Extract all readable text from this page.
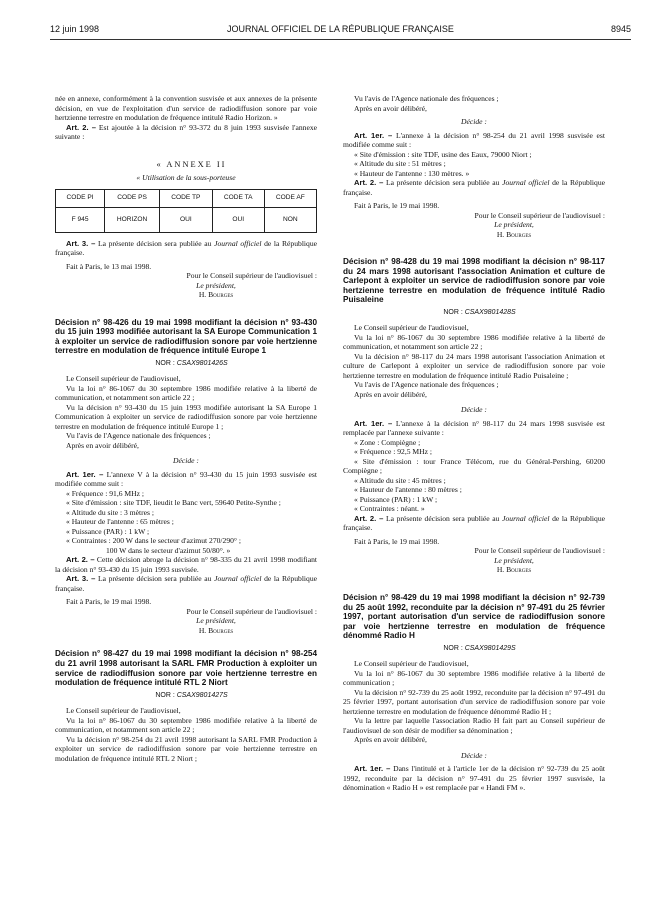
12 juin 1998	JOURNAL OFFICIEL DE LA RÉPUBLIQUE FRANÇAISE	8945

née en annexe, conformément à la convention susvisée et aux annexes de la présente décision, en vue de l'exploitation d'un service de radiodiffusion sonore par voie hertzienne terrestre en modulation de fréquence intitulé Radio Horizon. »

Art. 2. – Est ajoutée à la décision n° 93-372 du 8 juin 1993 susvisée l'annexe suivante :

« ANNEXE II

« Utilisation de la sous-porteuse

CODE PI	CODE PS	CODE TP	CODE TA	CODE AF
F 945	HORIZON	OUI	OUI	NON

Art. 3. – La présente décision sera publiée au Journal officiel de la République française.

Fait à Paris, le 13 mai 1998.

Pour le Conseil supérieur de l'audiovisuel :

Le président,

H. Bourges

Décision n° 98-426 du 19 mai 1998 modifiant la décision n° 93-430 du 15 juin 1993 modifiée autorisant la SA Europe Communication 1 à exploiter un service de radiodiffusion sonore par voie hertzienne terrestre en modulation de fréquence intitulé Europe 1

NOR : CSAX9801426S

Le Conseil supérieur de l'audiovisuel,

Vu la loi n° 86-1067 du 30 septembre 1986 modifiée relative à la liberté de communication, et notamment son article 22 ;

Vu la décision n° 93-430 du 15 juin 1993 modifiée autorisant la SA Europe 1 Communication à exploiter un service de radiodiffusion sonore par voie hertzienne terrestre en modulation de fréquence intitulé Europe 1 ;

Vu l'avis de l'Agence nationale des fréquences ;

Après en avoir délibéré,

Décide :

Art. 1er. – L'annexe V à la décision n° 93-430 du 15 juin 1993 susvisée est modifiée comme suit :

« Fréquence : 91,6 MHz ;

« Site d'émission : site TDF, lieudit le Banc vert, 59640 Petite-Synthe ;

« Altitude du site : 3 mètres ;

« Hauteur de l'antenne : 65 mètres ;

« Puissance (PAR) : 1 kW ;

« Contraintes : 200 W dans le secteur d'azimut 270/290° ;

100 W dans le secteur d'azimut 50/80°. »

Art. 2. – Cette décision abroge la décision n° 98-335 du 21 avril 1998 modifiant la décision n° 93-430 du 15 juin 1993 susvisée.

Art. 3. – La présente décision sera publiée au Journal officiel de la République française.

Fait à Paris, le 19 mai 1998.

Pour le Conseil supérieur de l'audiovisuel :

Le président,

H. Bourges

Décision n° 98-427 du 19 mai 1998 modifiant la décision n° 98-254 du 21 avril 1998 autorisant la SARL FMR Production à exploiter un service de radiodiffusion sonore par voie hertzienne terrestre en modulation de fréquence intitulé RTL 2 Niort

NOR : CSAX9801427S

Le Conseil supérieur de l'audiovisuel,

Vu la loi n° 86-1067 du 30 septembre 1986 modifiée relative à la liberté de communication, et notamment son article 22 ;

Vu la décision n° 98-254 du 21 avril 1998 autorisant la SARL FMR Production à exploiter un service de radiodiffusion sonore par voie hertzienne terrestre en modulation de fréquence intitulé RTL 2 Niort ;

Vu l'avis de l'Agence nationale des fréquences ;

Après en avoir délibéré,

Décide :

Art. 1er. – L'annexe à la décision n° 98-254 du 21 avril 1998 susvisée est modifiée comme suit :

« Site d'émission : site TDF, usine des Eaux, 79000 Niort ;

« Altitude du site : 51 mètres ;

« Hauteur de l'antenne : 130 mètres. »

Art. 2. – La présente décision sera publiée au Journal officiel de la République française.

Fait à Paris, le 19 mai 1998.

Pour le Conseil supérieur de l'audiovisuel :

Le président,

H. Bourges

Décision n° 98-428 du 19 mai 1998 modifiant la décision n° 98-117 du 24 mars 1998 autorisant l'association Animation et culture de Carlepont à exploiter un service de radiodiffusion sonore par voie hertzienne terrestre en modulation de fréquence intitulé Radio Puisaleine

NOR : CSAX9801428S

Le Conseil supérieur de l'audiovisuel,

Vu la loi n° 86-1067 du 30 septembre 1986 modifiée relative à la liberté de communication, et notamment son article 22 ;

Vu la décision n° 98-117 du 24 mars 1998 autorisant l'association Animation et culture de Carlepont à exploiter un service de radiodiffusion sonore par voie hertzienne terrestre en modulation de fréquence intitulé Radio Puisaleine ;

Vu l'avis de l'Agence nationale des fréquences ;

Après en avoir délibéré,

Décide :

Art. 1er. – L'annexe à la décision n° 98-117 du 24 mars 1998 susvisée est remplacée par l'annexe suivante :

« Zone : Compiègne ;

« Fréquence : 92,5 MHz ;

« Site d'émission : tour France Télécom, rue du Général-Pershing, 60200 Compiègne ;

« Altitude du site : 45 mètres ;

« Hauteur de l'antenne : 80 mètres ;

« Puissance (PAR) : 1 kW ;

« Contraintes : néant. »

Art. 2. – La présente décision sera publiée au Journal officiel de la République française.

Fait à Paris, le 19 mai 1998.

Pour le Conseil supérieur de l'audiovisuel :

Le président,

H. Bourges

Décision n° 98-429 du 19 mai 1998 modifiant la décision n° 92-739 du 25 août 1992, reconduite par la décision n° 97-491 du 25 février 1997, portant autorisation d'un service de radiodiffusion sonore par voie hertzienne terrestre en modulation de fréquence dénommé Radio H

NOR : CSAX9801429S

Le Conseil supérieur de l'audiovisuel,

Vu la loi n° 86-1067 du 30 septembre 1986 modifiée relative à la liberté de communication ;

Vu la décision n° 92-739 du 25 août 1992, reconduite par la décision n° 97-491 du 25 février 1997, portant autorisation d'un service de radiodiffusion sonore par voie hertzienne terrestre en modulation de fréquence dénommé Radio H ;

Vu la lettre par laquelle l'association Radio H fait part au Conseil supérieur de l'audiovisuel de son désir de modifier sa dénomination ;

Après en avoir délibéré,

Décide :

Art. 1er. – Dans l'intitulé et à l'article 1er de la décision n° 92-739 du 25 août 1992, reconduite par la décision n° 97-491 du 25 février 1997 susvisée, la dénomination « Radio H » est remplacée par « Handi FM ».
